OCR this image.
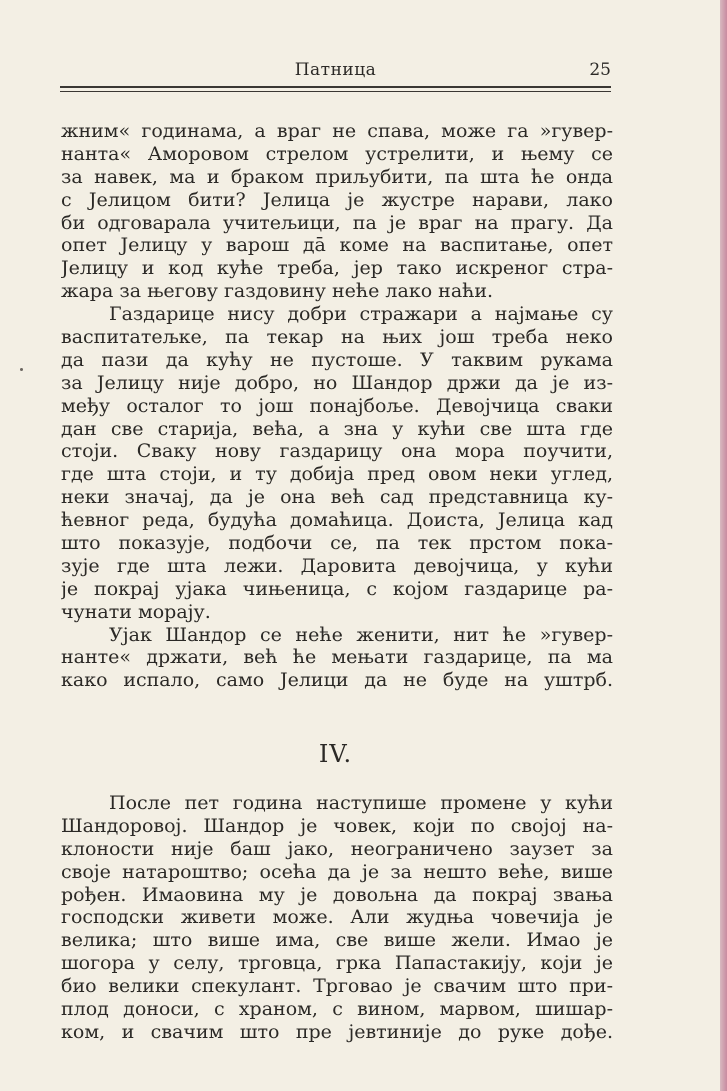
Патница	25
жним« годинама, а враг не спава, може га »гувер-
нанта« Аморовом стрелом устрелити, и њему се
за навек, ма и браком приљубити, па шта ће онда
с Јелицом бити? Јелица је жустре нарави, лако
би одговарала учитељици, па је враг на прагу. Да
опет Јелицу у варош дā коме на васпитање, опет
Јелицу и код куће треба, јер тако искреног стра-
жара за његову газдовину неће лако наћи.
Газдарице нису добри стражари а најмање су
васпитатељке, па текар на њих још треба неко
да пази да кућу не пустоше. У таквим рукама
за Јелицу није добро, но Шандор држи да је из-
међу осталог то још понајбоље. Девојчица сваки
дан све старија, већа, а зна у кући све шта где
стоји. Сваку нову газдарицу она мора поучити,
где шта стоји, и ту добија пред овом неки углед,
неки значај, да је она већ сад представница ку-
ћевног реда, будућа домаћица. Доиста, Јелица кад
што показује, подбочи се, па тек прстом пока-
зује где шта лежи. Даровита девојчица, у кући
је покрај ујака чињеница, с којом газдарице ра-
чунати морају.
Ујак Шандор се неће женити, нит ће »гувер-
нанте« држати, већ ће мењати газдарице, па ма
како испало, само Јелици да не буде на уштрб.
IV.
После пет година наступише промене у кући
Шандоровој. Шандор је човек, који по својој на-
клоности није баш јако, неограничено заузет за
своје натароштво; осећа да је за нешто веће, више
рођен. Имаовина му је довољна да покрај звања
господски живети може. Али жудња човечија је
велика; што више има, све више жели. Имао је
шогора у селу, трговца, грка Папастакију, који је
био велики спекулант. Трговао је свачим што при-
плод доноси, с храном, с вином, марвом, шишар-
ком, и свачим што пре јевтиније до руке дође.
